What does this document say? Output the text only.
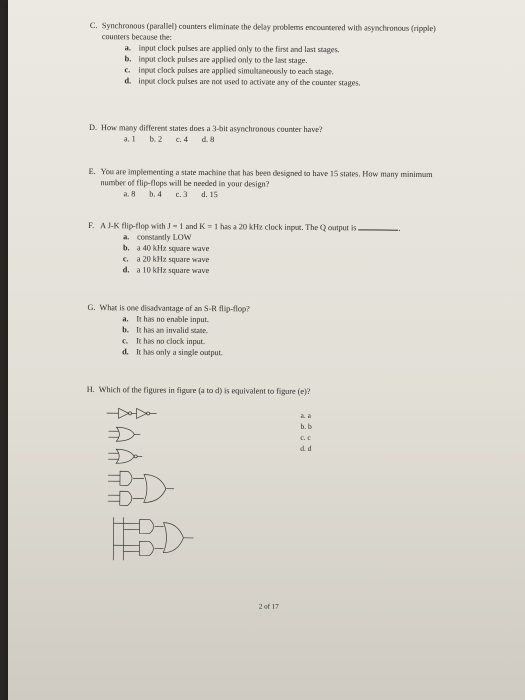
C. Synchronous (parallel) counters eliminate the delay problems encountered with asynchronous (ripple) counters because the:
a. input clock pulses are applied only to the first and last stages.
b. input clock pulses are applied only to the last stage.
c.	input clock pulses are applied simultaneously to each stage.
d. input clock pulses are not used to activate any of the counter stages.
D. How many different states does a 3-bit asynchronous counter have?
a. 1 b. 2 c. 4 d. 8
E. You are implementing a state machine that has been designed to have 15 states. How many minimum number of flip-flops will be needed in your design?
a. 8 b. 4 c. 3 d. 15
F. A J-K flip-flop with J = 1 and K = 1 has a 20 kHz clock input. The Q output is	.
a. constantly LOW
b. a 40 kHz square wave
c.	a 20 kHz square wave
d. a 10 kHz square wave
G. What is one disadvantage of an S-R flip-flop?
a. It has no enable input.
b. It has an invalid state.
c.	It has no clock input.
d. It has only a single output.
H. Which of the figures in figure (a to d) is equivalent to figure (e)?
a. a
b. b
c. c
d. d
2 of 17
